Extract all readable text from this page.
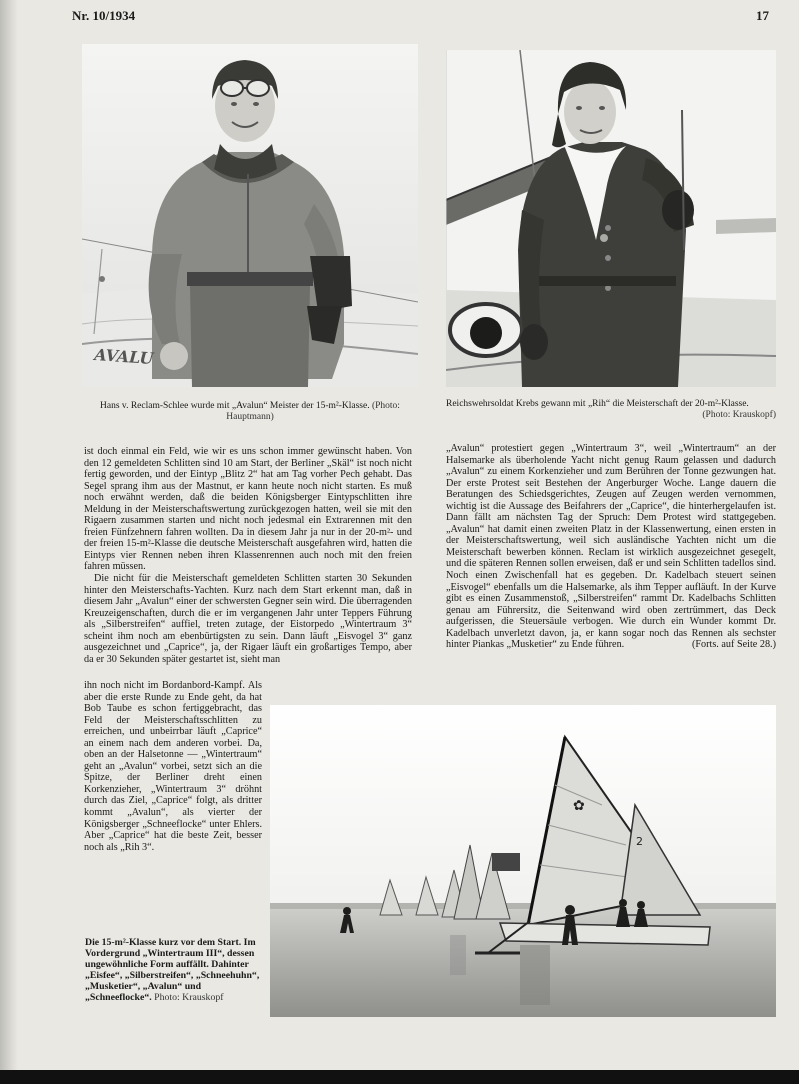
Nr. 10/1934	17
AVALU
Hans v. Reclam-Schlee wurde mit „Avalun“ Meister der 15-m²-Klasse. (Photo: Hauptmann)
Reichswehrsoldat Krebs gewann mit „Rih“ die Meisterschaft der 20-m²-Klasse.
(Photo: Krauskopf)

ist doch einmal ein Feld, wie wir es uns schon immer gewünscht haben. Von den 12 gemeldeten Schlitten sind 10 am Start, der Berliner „Skäl“ ist noch nicht fertig geworden, und der Eintyp „Blitz 2“ hat am Tag vorher Pech gehabt. Das Segel sprang ihm aus der Mastnut, er kann heute noch nicht starten. Es muß noch erwähnt werden, daß die beiden Königsberger Eintypschlitten ihre Meldung in der Meisterschaftswertung zurückgezogen hatten, weil sie mit den Rigaern zusammen starten und nicht noch jedesmal ein Extrarennen mit den freien Fünfzehnern fahren wollten. Da in diesem Jahr ja nur in der 20-m²- und der freien 15-m²-Klasse die deutsche Meisterschaft ausgefahren wird, hatten die Eintyps vier Rennen neben ihren Klassenrennen auch noch mit den freien fahren müssen.

Die nicht für die Meisterschaft gemeldeten Schlitten starten 30 Sekunden hinter den Meisterschafts-Yachten. Kurz nach dem Start erkennt man, daß in diesem Jahr „Avalun“ einer der schwersten Gegner sein wird. Die überragenden Kreuzeigenschaften, durch die er im vergangenen Jahr unter Teppers Führung als „Silberstreifen“ auffiel, treten zutage, der Eistorpedo „Wintertraum 3“ scheint ihm noch am ebenbürtigsten zu sein. Dann läuft „Eisvogel 3“ ganz ausgezeichnet und „Caprice“, ja, der Rigaer läuft ein großartiges Tempo, aber da er 30 Sekunden später gestartet ist, sieht man

ihn noch nicht im Bordanbord-Kampf. Als aber die erste Runde zu Ende geht, da hat Bob Taube es schon fertiggebracht, das Feld der Meisterschaftsschlitten zu erreichen, und unbeirrbar läuft „Caprice“ an einem nach dem anderen vorbei. Da, oben an der Halsetonne — „Wintertraum“ geht an „Avalun“ vorbei, setzt sich an die Spitze, der Berliner dreht einen Korkenzieher, „Wintertraum 3“ dröhnt durch das Ziel, „Caprice“ folgt, als dritter kommt „Avalun“, als vierter der Königsberger „Schneeflocke“ unter Ehlers. Aber „Caprice“ hat die beste Zeit, besser noch als „Rih 3“.

„Avalun“ protestiert gegen „Wintertraum 3“, weil „Wintertraum“ an der Halsemarke als überholende Yacht nicht genug Raum gelassen und dadurch „Avalun“ zu einem Korkenzieher und zum Berühren der Tonne gezwungen hat. Der erste Protest seit Bestehen der Angerburger Woche. Lange dauern die Beratungen des Schiedsgerichtes, Zeugen auf Zeugen werden vernommen, wichtig ist die Aussage des Beifahrers der „Caprice“, die hinterhergelaufen ist. Dann fällt am nächsten Tag der Spruch: Dem Protest wird stattgegeben. „Avalun“ hat damit einen zweiten Platz in der Klassenwertung, einen ersten in der Meisterschaftswertung, weil sich ausländische Yachten nicht um die Meisterschaft bewerben können. Reclam ist wirklich ausgezeichnet gesegelt, und die späteren Rennen sollen erweisen, daß er und sein Schlitten tadellos sind. Noch einen Zwischenfall hat es gegeben. Dr. Kadelbach steuert seinen „Eisvogel“ ebenfalls um die Halsemarke, als ihm Tepper aufläuft. In der Kurve gibt es einen Zusammenstoß, „Silberstreifen“ rammt Dr. Kadelbachs Schlitten genau am Führersitz, die Seitenwand wird oben zertrümmert, das Deck aufgerissen, die Steuersäule verbogen. Wie durch ein Wunder kommt Dr. Kadelbach unverletzt davon, ja, er kann sogar noch das Rennen als sechster hinter Piankas „Musketier“ zu Ende führen.	(Forts. auf Seite 28.)

✿
2
Die 15-m²-Klasse kurz vor dem Start. Im Vordergrund „Wintertraum III“, dessen ungewöhnliche Form auffällt. Dahinter „Eisfee“, „Silberstreifen“, „Schneehuhn“, „Musketier“, „Avalun“ und „Schneeflocke“. Photo: Krauskopf
